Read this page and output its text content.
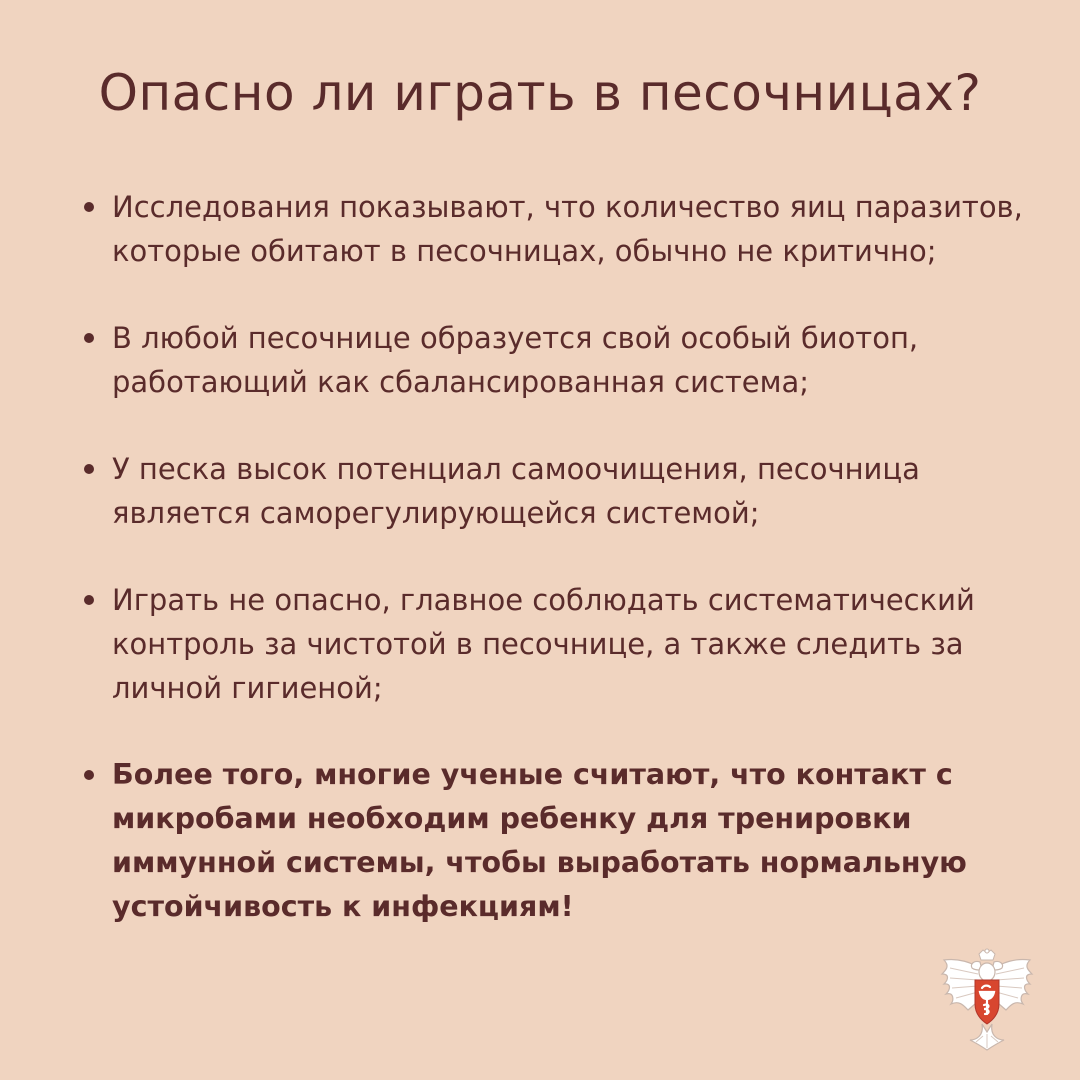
Опасно ли играть в песочницах?
Исследования показывают, что количество яиц паразитов, которые обитают в песочницах, обычно не критично;
В любой песочнице образуется свой особый биотоп, работающий как сбалансированная система;
У песка высок потенциал самоочищения, песочница является саморегулирующейся системой;
Играть не опасно, главное соблюдать систематический контроль за чистотой в песочнице, а также следить за личной гигиеной;
Более того, многие ученые считают, что контакт с микробами необходим ребенку для тренировки иммунной системы, чтобы выработать нормальную устойчивость к инфекциям!
